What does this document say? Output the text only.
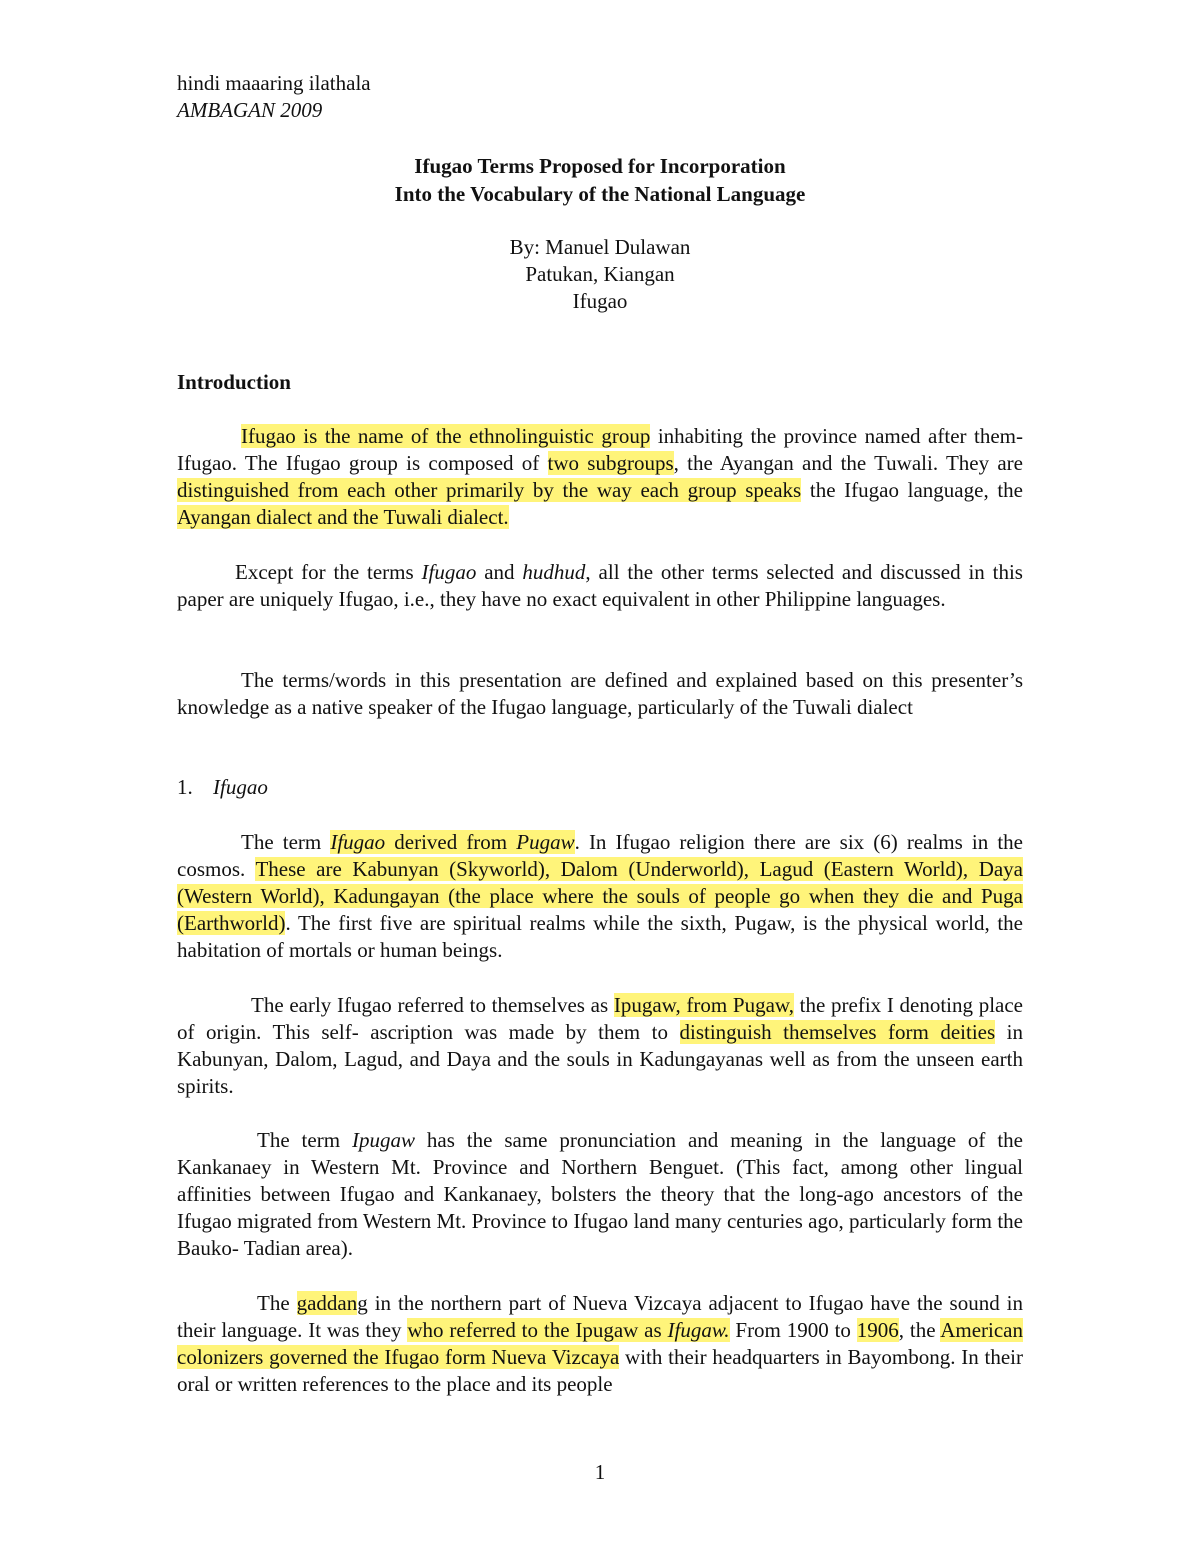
hindi maaaring ilathala
AMBAGAN 2009
Ifugao Terms Proposed for Incorporation
Into the Vocabulary of the National Language
By: Manuel Dulawan
Patukan, Kiangan
Ifugao
Introduction

Ifugao is the name of the ethnolinguistic group inhabiting the province named after them- Ifugao. The Ifugao group is composed of two subgroups, the Ayangan and the Tuwali. They are distinguished from each other primarily by the way each group speaks the Ifugao language, the Ayangan dialect and the Tuwali dialect.

Except for the terms Ifugao and hudhud, all the other terms selected and discussed in this paper are uniquely Ifugao, i.e., they have no exact equivalent in other Philippine languages.

The terms/words in this presentation are defined and explained based on this presenter’s knowledge as a native speaker of the Ifugao language, particularly of the Tuwali dialect

1. Ifugao

The term Ifugao derived from Pugaw. In Ifugao religion there are six (6) realms in the cosmos. These are Kabunyan (Skyworld), Dalom (Underworld), Lagud (Eastern World), Daya (Western World), Kadungayan (the place where the souls of people go when they die and Puga (Earthworld). The first five are spiritual realms while the sixth, Pugaw, is the physical world, the habitation of mortals or human beings.

The early Ifugao referred to themselves as Ipugaw, from Pugaw, the prefix I denoting place of origin. This self- ascription was made by them to distinguish themselves form deities in Kabunyan, Dalom, Lagud, and Daya and the souls in Kadungayanas well as from the unseen earth spirits.

The term Ipugaw has the same pronunciation and meaning in the language of the Kankanaey in Western Mt. Province and Northern Benguet. (This fact, among other lingual affinities between Ifugao and Kankanaey, bolsters the theory that the long-ago ancestors of the Ifugao migrated from Western Mt. Province to Ifugao land many centuries ago, particularly form the Bauko- Tadian area).

The gaddang in the northern part of Nueva Vizcaya adjacent to Ifugao have the sound in their language. It was they who referred to the Ipugaw as Ifugaw. From 1900 to 1906, the American colonizers governed the Ifugao form Nueva Vizcaya with their headquarters in Bayombong. In their oral or written references to the place and its people

1
